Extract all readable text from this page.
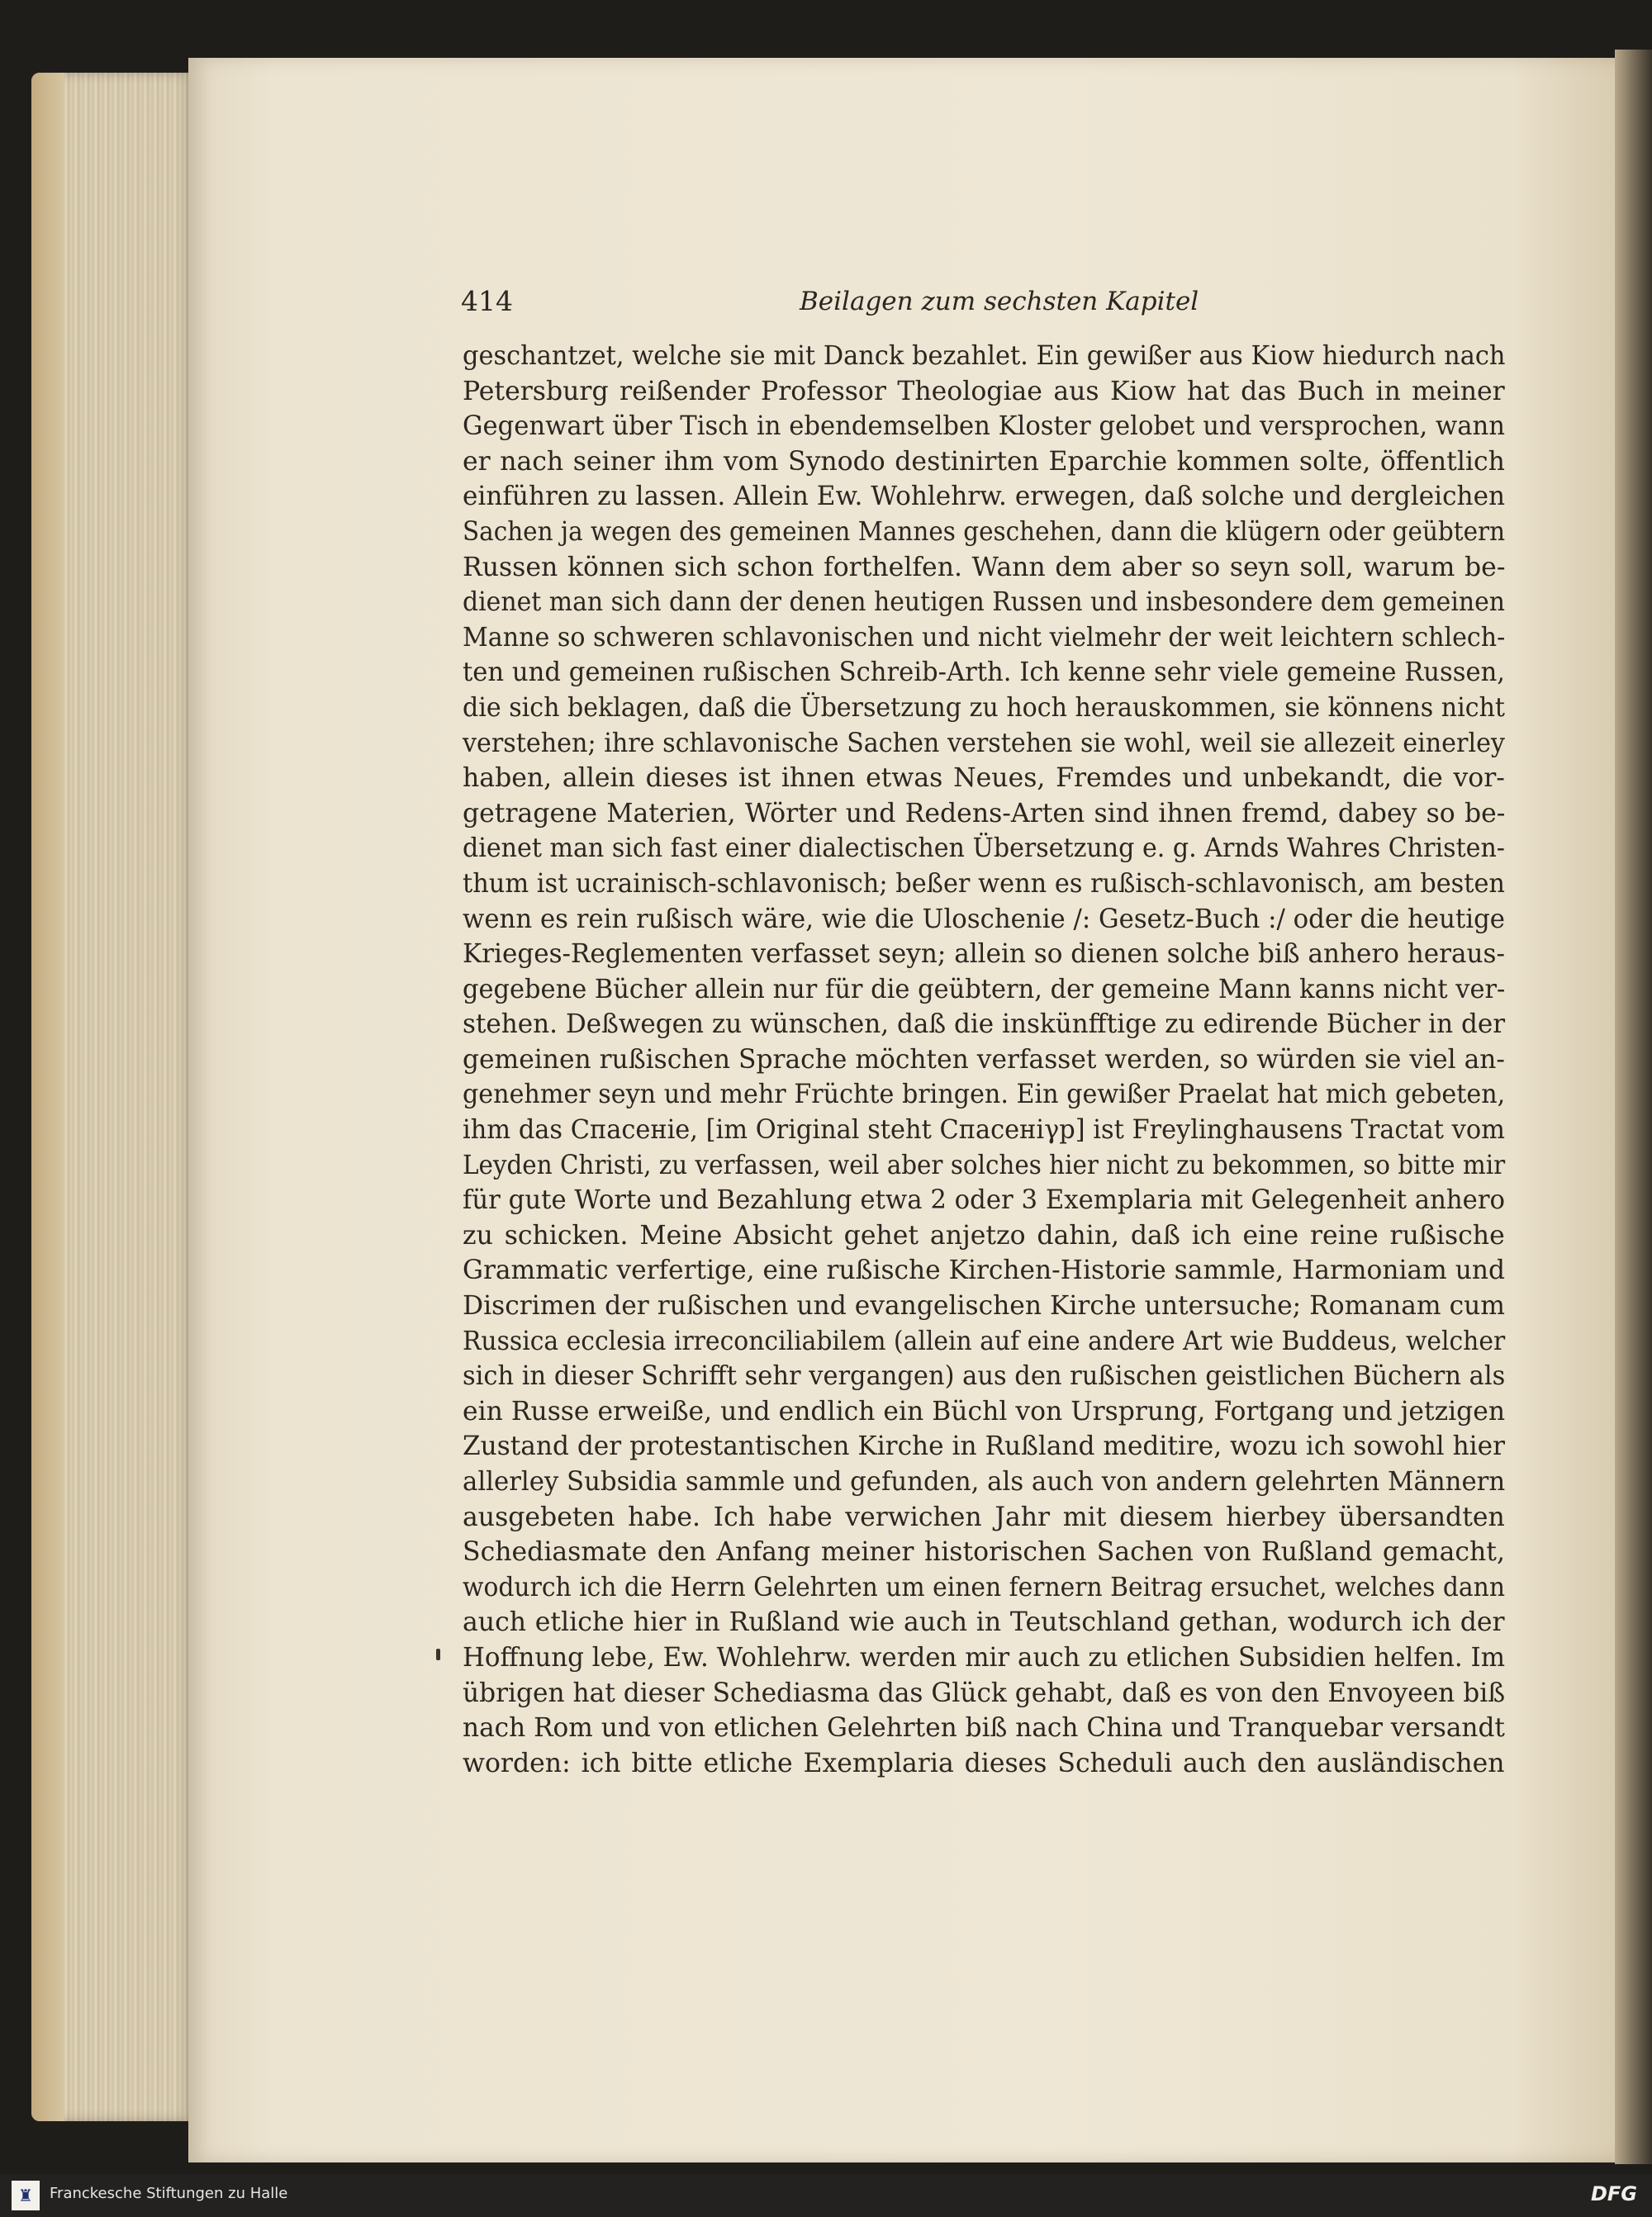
414	Beilagen zum sechsten Kapitel
geschantzet, welche sie mit Danck bezahlet. Ein gewißer aus Kiow hiedurch nach
Petersburg reißender Professor Theologiae aus Kiow hat das Buch in meiner
Gegenwart über Tisch in ebendemselben Kloster gelobet und versprochen, wann
er nach seiner ihm vom Synodo destinirten Eparchie kommen solte, öffentlich
einführen zu lassen. Allein Ew. Wohlehrw. erwegen, daß solche und dergleichen
Sachen ja wegen des gemeinen Mannes geschehen, dann die klügern oder geübtern
Russen können sich schon forthelfen. Wann dem aber so seyn soll, warum be-
dienet man sich dann der denen heutigen Russen und insbesondere dem gemeinen
Manne so schweren schlavonischen und nicht vielmehr der weit leichtern schlech-
ten und gemeinen rußischen Schreib-Arth. Ich kenne sehr viele gemeine Russen,
die sich beklagen, daß die Übersetzung zu hoch herauskommen, sie könnens nicht
verstehen; ihre schlavonische Sachen verstehen sie wohl, weil sie allezeit einerley
haben, allein dieses ist ihnen etwas Neues, Fremdes und unbekandt, die vor-
getragene Materien, Wörter und Redens-Arten sind ihnen fremd, dabey so be-
dienet man sich fast einer dialectischen Übersetzung e. g. Arnds Wahres Christen-
thum ist ucrainisch-schlavonisch; beßer wenn es rußisch-schlavonisch, am besten
wenn es rein rußisch wäre, wie die Uloschenie /: Gesetz-Buch :/ oder die heutige
Krieges-Reglementen verfasset seyn; allein so dienen solche biß anhero heraus-
gegebene Bücher allein nur für die geübtern, der gemeine Mann kanns nicht ver-
stehen. Deßwegen zu wünschen, daß die inskünfftige zu edirende Bücher in der
gemeinen rußischen Sprache möchten verfasset werden, so würden sie viel an-
genehmer seyn und mehr Früchte bringen. Ein gewißer Praelat hat mich gebeten,
ihm das Спасеніе, [im Original steht Спасеніγр] ist Freylinghausens Tractat vom
Leyden Christi, zu verfassen, weil aber solches hier nicht zu bekommen, so bitte mir
für gute Worte und Bezahlung etwa 2 oder 3 Exemplaria mit Gelegenheit anhero
zu schicken. Meine Absicht gehet anjetzo dahin, daß ich eine reine rußische
Grammatic verfertige, eine rußische Kirchen-Historie sammle, Harmoniam und
Discrimen der rußischen und evangelischen Kirche untersuche; Romanam cum
Russica ecclesia irreconciliabilem (allein auf eine andere Art wie Buddeus, welcher
sich in dieser Schrifft sehr vergangen) aus den rußischen geistlichen Büchern als
ein Russe erweiße, und endlich ein Büchl von Ursprung, Fortgang und jetzigen
Zustand der protestantischen Kirche in Rußland meditire, wozu ich sowohl hier
allerley Subsidia sammle und gefunden, als auch von andern gelehrten Männern
ausgebeten habe. Ich habe verwichen Jahr mit diesem hierbey übersandten
Schediasmate den Anfang meiner historischen Sachen von Rußland gemacht,
wodurch ich die Herrn Gelehrten um einen fernern Beitrag ersuchet, welches dann
auch etliche hier in Rußland wie auch in Teutschland gethan, wodurch ich der
Hoffnung lebe, Ew. Wohlehrw. werden mir auch zu etlichen Subsidien helfen. Im
übrigen hat dieser Schediasma das Glück gehabt, daß es von den Envoyeen biß
nach Rom und von etlichen Gelehrten biß nach China und Tranquebar versandt
worden: ich bitte etliche Exemplaria dieses Scheduli auch den ausländischen
♜	Franckesche Stiftungen zu Halle	DFG
